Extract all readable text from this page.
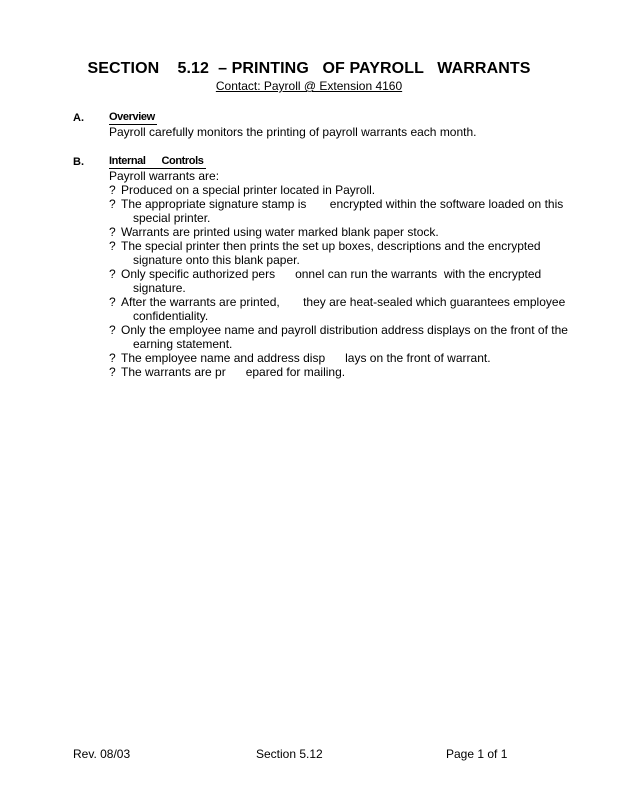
SECTION    5.12  – PRINTING   OF PAYROLL   WARRANTS
Contact: Payroll @ Extension 4160
A. Overview
Payroll carefully monitors the printing of payroll warrants each month.
B. Internal      Controls
Payroll warrants are:
? Produced on a special printer located in Payroll.
? The appropriate signature stamp is       encrypted within the software loaded on this special printer.
? Warrants are printed using water marked blank paper stock.
? The special printer then prints the set up boxes, descriptions and the encrypted signature onto this blank paper.
? Only specific authorized pers      onnel can run the warrants  with the encrypted signature.
? After the warrants are printed,       they are heat-sealed which guarantees employee confidentiality.
? Only the employee name and payroll distribution address displays on the front of the earning statement.
? The employee name and address disp      lays on the front of warrant.
? The warrants are pr      epared for mailing.
Rev. 08/03	Section 5.12	Page 1 of 1
